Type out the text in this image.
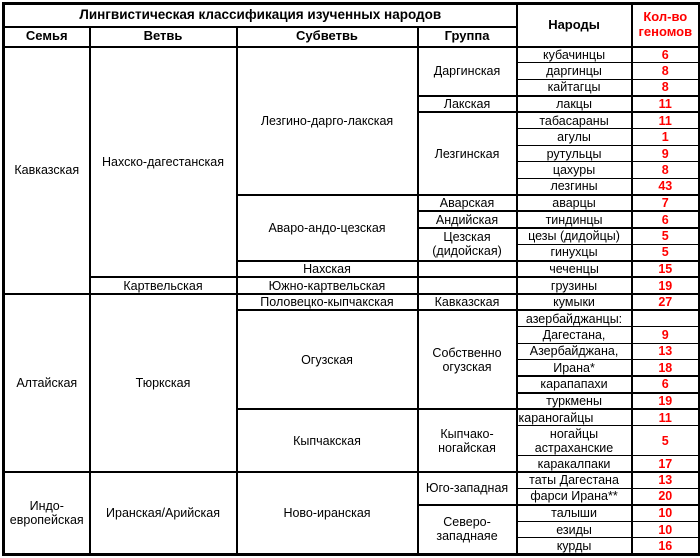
Лингвистическая классификация изученных народов				Народы	Кол-во геномов
Семья	Ветвь	Субветвь	Группа		
Кавказская	Нахско-дагестанская	Лезгино-дарго-лакская	Даргинская	кубачинцы	6
				даргинцы	8
				кайтагцы	8
			Лакская	лакцы	11
			Лезгинская	табасараны	11
				агулы	1
				рутульцы	9
				цахуры	8
				лезгины	43
		Аваро-андо-цезская	Аварская	аварцы	7
			Андийская	тиндинцы	6
			Цезская (дидойская)	цезы (дидойцы)	5
				гинухцы	5
		Нахская		чеченцы	15
	Картвельская	Южно-картвельская		грузины	19
Алтайская	Тюркская	Половецко-кыпчакская	Кавказская	кумыки	27
		Огузская	Собственно огузская	азербайджанцы:	
				Дагестана,	9
				Азербайджана,	13
				Ирана*	18
				карапапахи	6
				туркмены	19
		Кыпчакская	Кыпчако-ногайская	караногайцы	11
				ногайцы астраханские	5
				каракалпаки	17
Индо-европейская	Иранская/Арийская	Ново-иранская	Юго-западная	таты Дагестана	13
				фарси Ирана**	20
			Северо-западнаяе	талыши	10
				езиды	10
				курды	16
